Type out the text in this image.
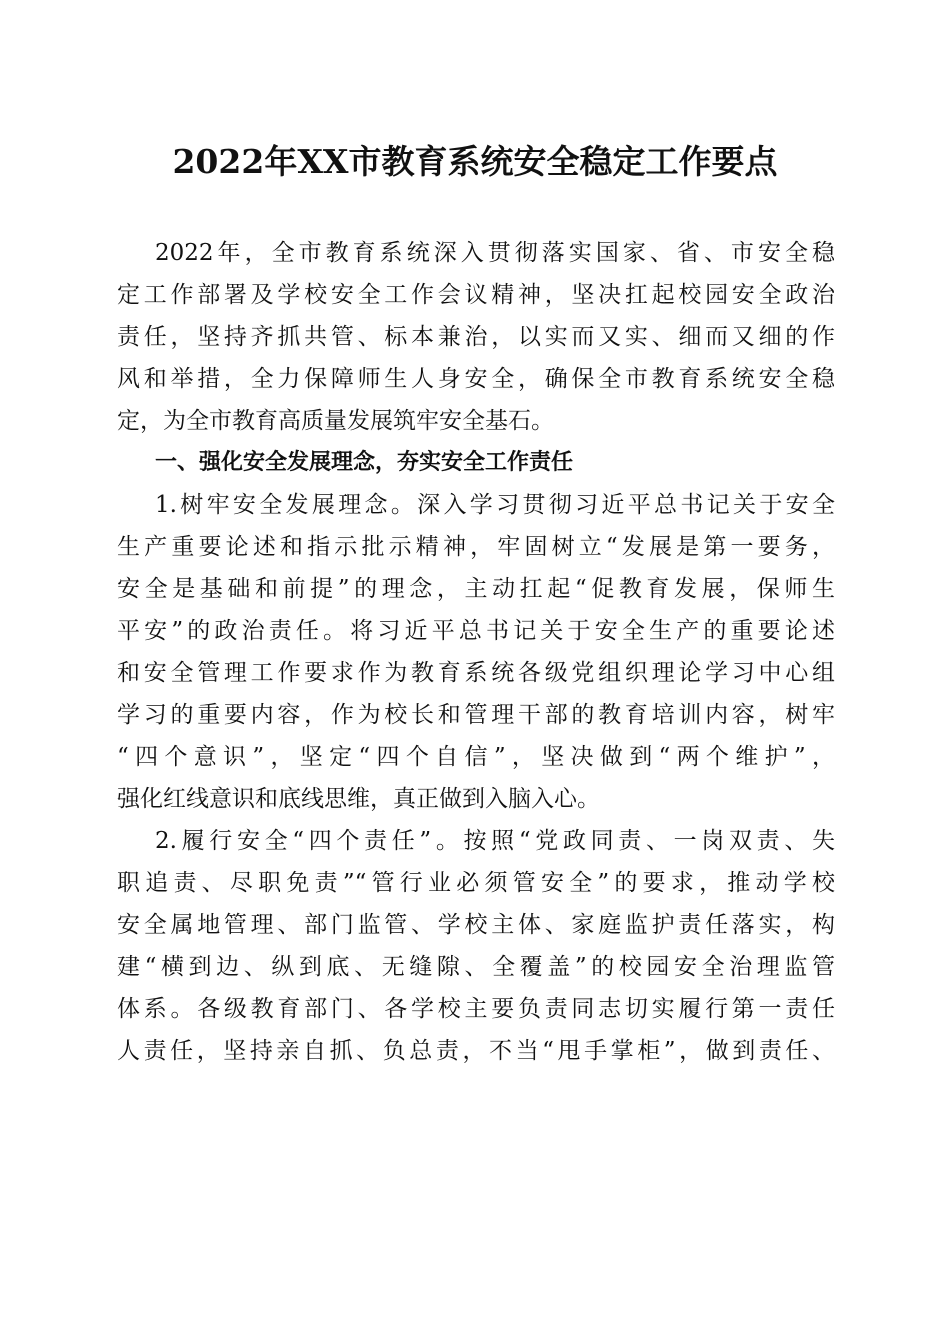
2022年XX市教育系统安全稳定工作要点
2022年，全市教育系统深入贯彻落实国家、省、市安全稳
定工作部署及学校安全工作会议精神，坚决扛起校园安全政治
责任，坚持齐抓共管、标本兼治，以实而又实、细而又细的作
风和举措，全力保障师生人身安全，确保全市教育系统安全稳
定，为全市教育高质量发展筑牢安全基石。
一、强化安全发展理念，夯实安全工作责任
1.树牢安全发展理念。深入学习贯彻习近平总书记关于安全
生产重要论述和指示批示精神，牢固树立“发展是第一要务，
安全是基础和前提”的理念，主动扛起“促教育发展，保师生
平安”的政治责任。将习近平总书记关于安全生产的重要论述
和安全管理工作要求作为教育系统各级党组织理论学习中心组
学习的重要内容，作为校长和管理干部的教育培训内容，树牢
“四个意识”，坚定“四个自信”，坚决做到“两个维护”，
强化红线意识和底线思维，真正做到入脑入心。
2.履行安全“四个责任”。按照“党政同责、一岗双责、失
职追责、尽职免责”“管行业必须管安全”的要求，推动学校
安全属地管理、部门监管、学校主体、家庭监护责任落实，构
建“横到边、纵到底、无缝隙、全覆盖”的校园安全治理监管
体系。各级教育部门、各学校主要负责同志切实履行第一责任
人责任，坚持亲自抓、负总责，不当“甩手掌柜”，做到责任、
